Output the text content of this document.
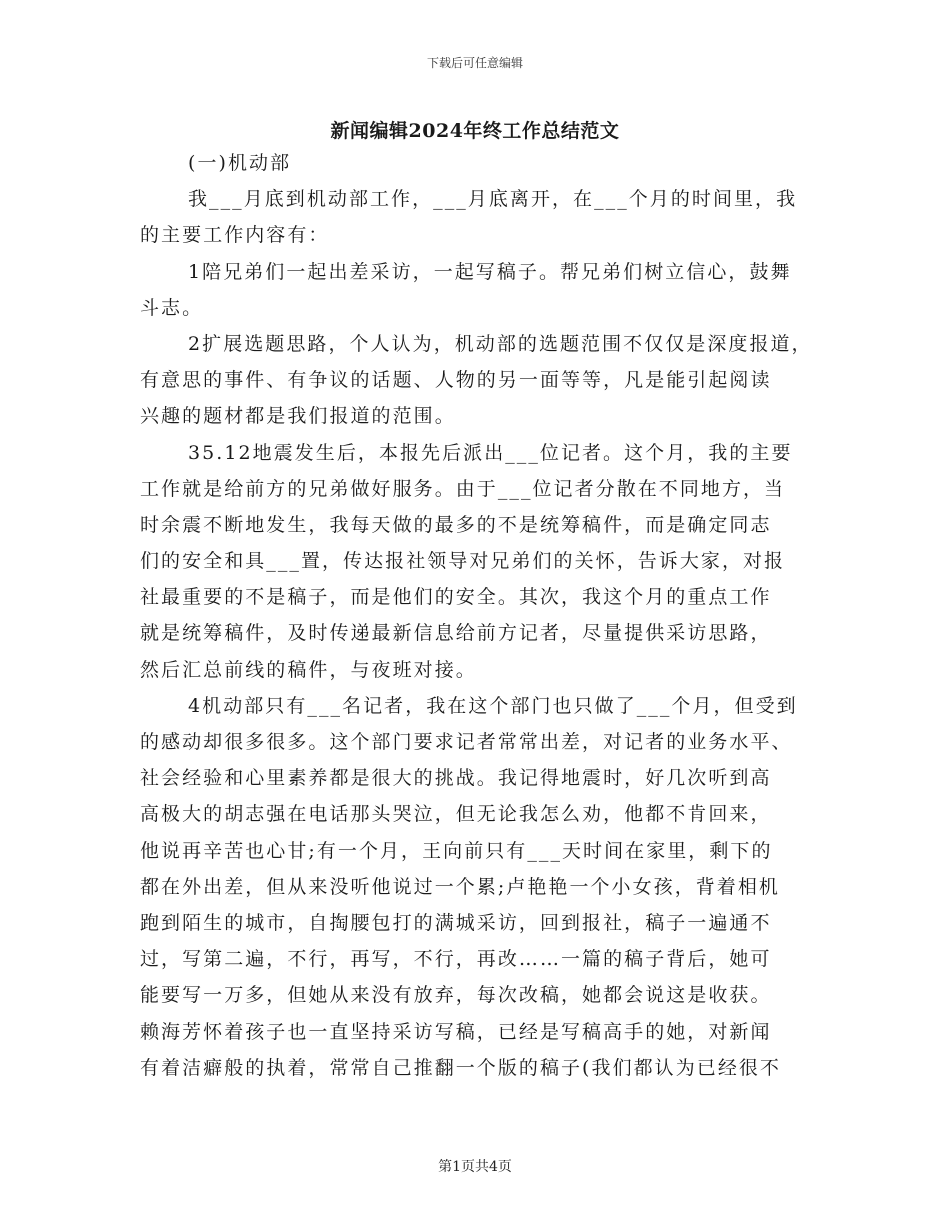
下载后可任意编辑
新闻编辑2024年终工作总结范文
(一)机动部
我___月底到机动部工作，___月底离开，在___个月的时间里，我
的主要工作内容有：
1陪兄弟们一起出差采访，一起写稿子。帮兄弟们树立信心，鼓舞
斗志。
2扩展选题思路，个人认为，机动部的选题范围不仅仅是深度报道，
有意思的事件、有争议的话题、人物的另一面等等，凡是能引起阅读
兴趣的题材都是我们报道的范围。
35.12地震发生后，本报先后派出___位记者。这个月，我的主要
工作就是给前方的兄弟做好服务。由于___位记者分散在不同地方，当
时余震不断地发生，我每天做的最多的不是统筹稿件，而是确定同志
们的安全和具___置，传达报社领导对兄弟们的关怀，告诉大家，对报
社最重要的不是稿子，而是他们的安全。其次，我这个月的重点工作
就是统筹稿件，及时传递最新信息给前方记者，尽量提供采访思路，
然后汇总前线的稿件，与夜班对接。
4机动部只有___名记者，我在这个部门也只做了___个月，但受到
的感动却很多很多。这个部门要求记者常常出差，对记者的业务水平、
社会经验和心里素养都是很大的挑战。我记得地震时，好几次听到高
高极大的胡志强在电话那头哭泣，但无论我怎么劝，他都不肯回来，
他说再辛苦也心甘;有一个月，王向前只有___天时间在家里，剩下的
都在外出差，但从来没听他说过一个累;卢艳艳一个小女孩，背着相机
跑到陌生的城市，自掏腰包打的满城采访，回到报社，稿子一遍通不
过，写第二遍，不行，再写，不行，再改……一篇的稿子背后，她可
能要写一万多，但她从来没有放弃，每次改稿，她都会说这是收获。
赖海芳怀着孩子也一直坚持采访写稿，已经是写稿高手的她，对新闻
有着洁癖般的执着，常常自己推翻一个版的稿子(我们都认为已经很不
第1页共4页
